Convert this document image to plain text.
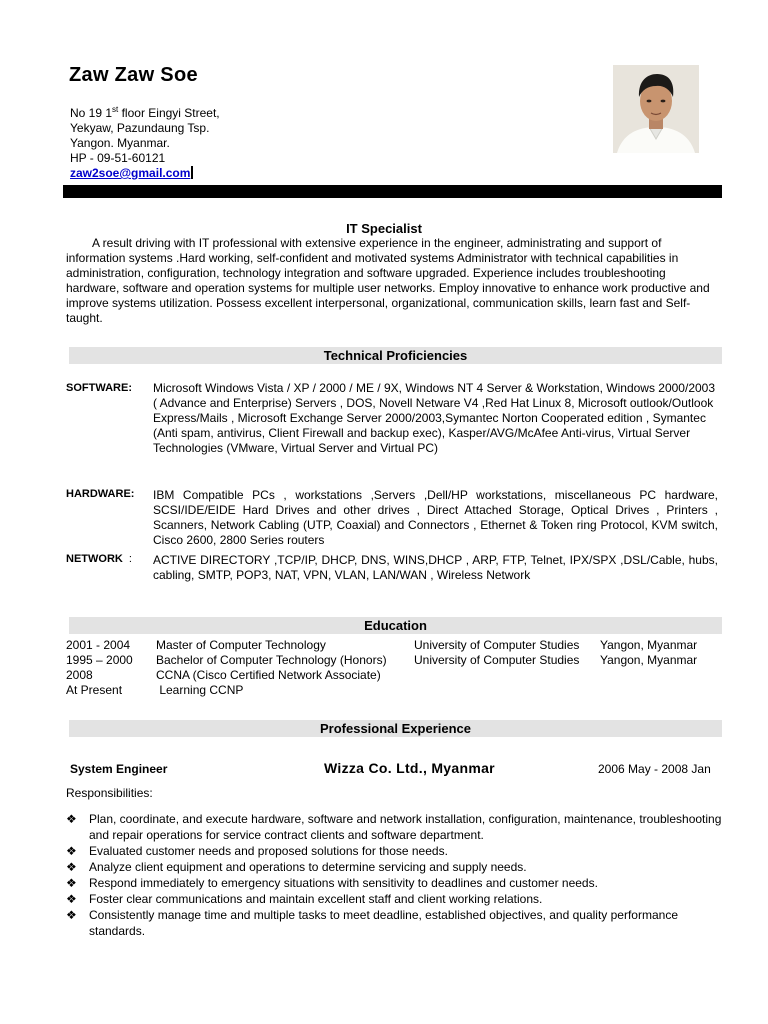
Zaw Zaw Soe
No 19 1st floor Eingyi Street,
Yekyaw, Pazundaung Tsp.
Yangon. Myanmar.
HP - 09-51-60121
zaw2soe@gmail.com
IT Specialist
A result driving with IT professional with extensive experience in the engineer, administrating and support of
information systems .Hard working, self-confident and motivated systems Administrator with technical capabilities in administration, configuration, technology integration and software upgraded. Experience includes troubleshooting hardware, software and operation systems for multiple user networks. Employ innovative to enhance work productive and improve systems utilization. Possess excellent interpersonal, organizational, communication skills, learn fast and Self-taught.
Technical Proficiencies
SOFTWARE: Microsoft Windows Vista / XP / 2000 / ME / 9X, Windows NT 4 Server & Workstation, Windows 2000/2003 ( Advance and Enterprise) Servers , DOS, Novell Netware V4 ,Red Hat Linux 8, Microsoft outlook/Outlook Express/Mails , Microsoft Exchange Server 2000/2003,Symantec Norton Cooperated edition , Symantec (Anti spam, antivirus, Client Firewall and backup exec), Kasper/AVG/McAfee Anti-virus, Virtual Server Technologies (VMware, Virtual Server and Virtual PC)
HARDWARE: IBM Compatible PCs , workstations ,Servers ,Dell/HP workstations, miscellaneous PC hardware, SCSI/IDE/EIDE Hard Drives and other drives , Direct Attached Storage, Optical Drives , Printers , Scanners, Network Cabling (UTP, Coaxial) and Connectors , Ethernet & Token ring Protocol, KVM switch, Cisco 2600, 2800 Series routers
NETWORK : ACTIVE DIRECTORY ,TCP/IP, DHCP, DNS, WINS,DHCP , ARP, FTP, Telnet, IPX/SPX ,DSL/Cable, hubs, cabling, SMTP, POP3, NAT, VPN, VLAN, LAN/WAN , Wireless Network
Education
2001 - 2004 Master of Computer Technology	University of Computer Studies Yangon, Myanmar
1995 – 2000 Bachelor of Computer Technology (Honors) University of Computer Studies Yangon, Myanmar
2008	CCNA (Cisco Certified Network Associate)
At Present	Learning CCNP
Professional Experience
System Engineer	Wizza Co. Ltd., Myanmar	2006 May - 2008 Jan
Responsibilities:
❖ Plan, coordinate, and execute hardware, software and network installation, configuration, maintenance, troubleshooting and repair operations for service contract clients and software department.
❖ Evaluated customer needs and proposed solutions for those needs.
❖ Analyze client equipment and operations to determine servicing and supply needs.
❖ Respond immediately to emergency situations with sensitivity to deadlines and customer needs.
❖ Foster clear communications and maintain excellent staff and client working relations.
❖ Consistently manage time and multiple tasks to meet deadline, established objectives, and quality performance standards.
